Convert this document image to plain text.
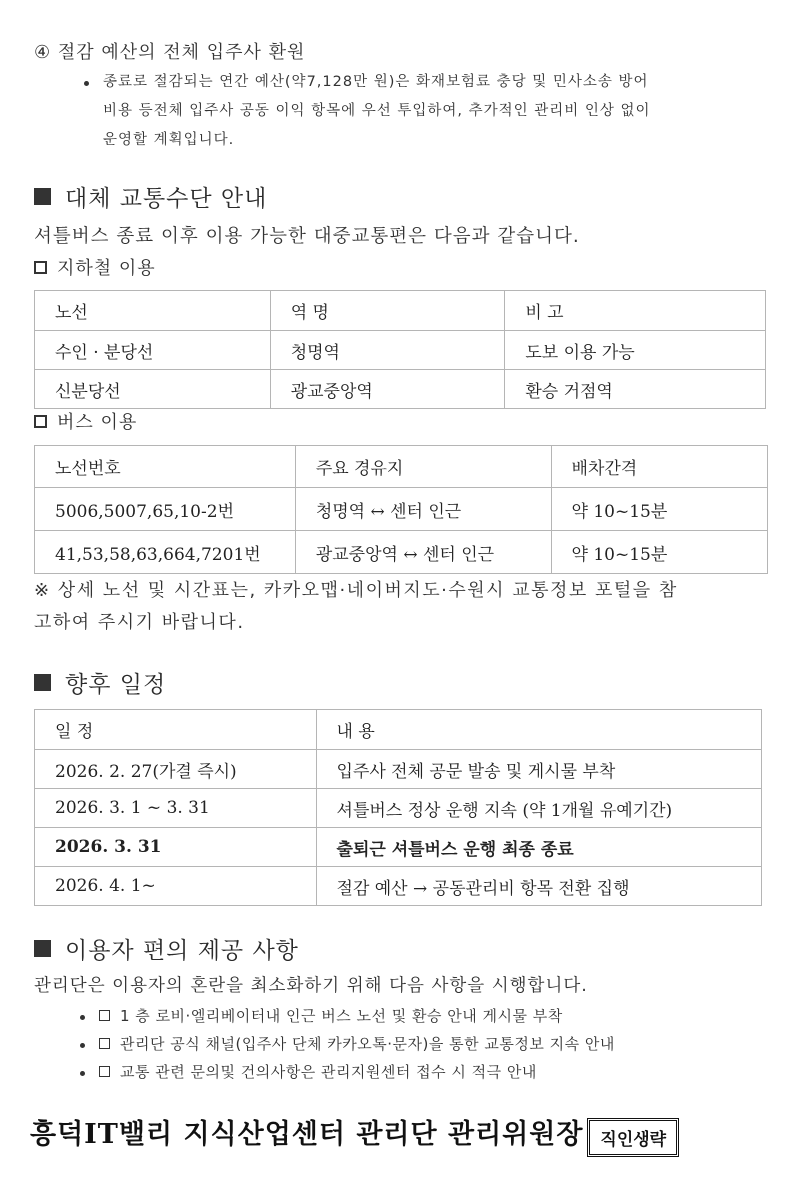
④ 절감 예산의 전체 입주사 환원
종료로 절감되는 연간 예산(약7,128만 원)은 화재보험료 충당 및 민사소송 방어
비용 등전체 입주사 공동 이익 항목에 우선 투입하여, 추가적인 관리비 인상 없이
운영할 계획입니다.
대체 교통수단 안내
셔틀버스 종료 이후 이용 가능한 대중교통편은 다음과 같습니다.
지하철 이용
노선	역 명	비 고
수인 · 분당선	청명역	도보 이용 가능
신분당선	광교중앙역	환승 거점역
버스 이용
노선번호	주요 경유지	배차간격
5006,5007,65,10-2번	청명역 ↔ 센터 인근	약 10~15분
41,53,58,63,664,7201번	광교중앙역 ↔ 센터 인근	약 10~15분
※ 상세 노선 및 시간표는, 카카오맵·네이버지도·수원시 교통정보 포털을 참
고하여 주시기 바랍니다.
향후 일정
일 정	내 용
2026. 2. 27(가결 즉시)	입주사 전체 공문 발송 및 게시물 부착
2026. 3. 1 ~ 3. 31	셔틀버스 정상 운행 지속 (약 1개월 유예기간)
2026. 3. 31	출퇴근 셔틀버스 운행 최종 종료
2026. 4. 1~	절감 예산 → 공동관리비 항목 전환 집행
이용자 편의 제공 사항
관리단은 이용자의 혼란을 최소화하기 위해 다음 사항을 시행합니다.
1 층 로비·엘리베이터내 인근 버스 노선 및 환승 안내 게시물 부착
관리단 공식 채널(입주사 단체 카카오톡·문자)을 통한 교통정보 지속 안내
교통 관련 문의및 건의사항은 관리지원센터 접수 시 적극 안내
흥덕IT밸리 지식산업센터 관리단 관리위원장	직인생략
